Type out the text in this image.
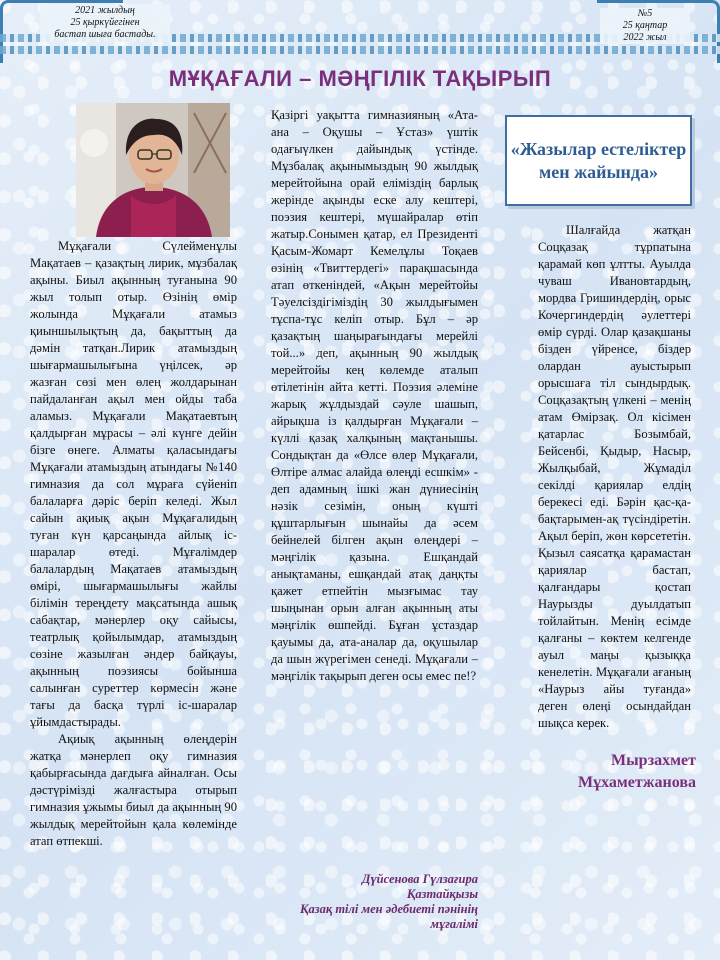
2021 жылдың
25 қыркүйегінен
бастап шыға бастады.
№5
25 қаңтар
2022 жыл
МҰҚАҒАЛИ – МӘҢГІЛІК ТАҚЫРЫП

Мұқағали Сүлейменұлы Мақатаев – қазақтың лирик, мұзбалақ ақыны. Биыл ақынның туғанына 90 жыл толып отыр. Өзінің өмір жолында Мұқағали атамыз қиыншылықтың да, бақыттың да дәмін татқан.Лирик атамыздың шығармашылығына үңілсек, әр жазған сөзі мен өлең жолдарынан пайдаланған ақыл мен ойды таба аламыз. Мұқағали Мақатаевтың қалдырған мұрасы – әлі күнге дейін бізге өнеге. Алматы қаласындағы Мұқағали атамыздың атындағы №140 гимназия да сол мұраға сүйеніп балаларға дәріс беріп келеді. Жыл сайын ақиық ақын Мұқағалидың туған күн қарсаңында айлық іс-шаралар өтеді. Мұғалімдер балалардың Мақатаев атамыздың өмірі, шығармашылығы жайлы білімін тереңдету мақсатында ашық сабақтар, мәнерлер оқу сайысы, театрлық қойылымдар, атамыздың сөзіне жазылған әндер байқауы, ақынның поэзиясы бойынша салынған суреттер көрмесін және тағы да басқа түрлі іс-шаралар ұйымдастырады.

Ақиық ақынның өлеңдерін жатқа мәнерлеп оқу гимназия қабырғасында дағдыға айналған. Осы дәстүрімізді жалғастыра отырып гимназия ұжымы биыл да ақынның 90 жылдық мерейтойын қала көлемінде атап өтпекші.

Қазіргі уақытта гимназияның «Ата-ана – Оқушы – Ұстаз» үштік одағыүлкен дайындық үстінде. Мұзбалақ ақынымыздың 90 жылдық мерейтойына орай еліміздің барлық жерінде ақынды еске алу кештері, поэзия кештері, мүшайралар өтіп жатыр.Сонымен қатар, ел Президенті Қасым-Жомарт Кемелұлы Тоқаев өзінің «Твиттердегі» парақшасында атап өткеніндей, «Ақын мерейтойы Тәуелсіздігіміздің 30 жылдығымен тұспа-тұс келіп отыр. Бұл – әр қазақтың шаңырағындағы мерейлі той...» деп, ақынның 90 жылдық мерейтойы кең көлемде аталып өтілетінін айта кетті. Поэзия әлеміне жарық жұлдыздай сәуле шашып, айрықша із қалдырған Мұқағали – күллі қазақ халқының мақтанышы. Сондықтан да «Өлсе өлер Мұқағали, Өлтіре алмас алайда өлеңді есшкім» - деп адамның ішкі жан дүниесінің нәзік сезімін, оның күшті құштарлығын шынайы да әсем бейнелей білген ақын өлеңдері – мәңгілік қазына. Ешқандай анықтаманы, ешқандай атақ даңқты қажет етпейтін мызғымас тау шыңынан орын алған ақынның аты мәңгілік өшпейді. Бұған ұстаздар қауымы да, ата-аналар да, оқушылар да шын жүрегімен сенеді. Мұқағали – мәңгілік тақырып деген осы емес пе!?

Дүйсенова Гүлзағира
Қазтайқызы
Қазақ тілі мен әдебиеті пәнінің
мұғалімі
«Жазылар естеліктер мен жайында»

Шалғайда жатқан Соцқазақ тұрпатына қарамай көп ұлтты. Ауылда чуваш Ивановтардың, мордва Гришиндердің, орыс Кочергиндердің әулеттері өмір сүрді. Олар қазақшаны бізден үйренсе, біздер олардан ауыстырып орысшаға тіл сындырдық. Соцқазақтың үлкені – менің атам Өмірзақ. Ол кісімен қатарлас Бозымбай, Бейсенбі, Қыдыр, Насыр, Жылқыбай, Жұмаділ секілді қариялар елдің берекесі еді. Бәрін қас-қа-бақтарымен-ақ түсіндіретін. Ақыл беріп, жөн көрсететін. Қызыл саясатқа қарамастан қариялар бастап, қалғандары қостап Наурызды дуылдатып тойлайтын. Менің есімде қалғаны – көктем келгенде ауыл маңы қызыққа кенелетін. Мұқағали ағаның «Наурыз айы туғанда» деген өлеңі осындайдан шықса керек.

Мырзахмет
Мұхаметжанова
